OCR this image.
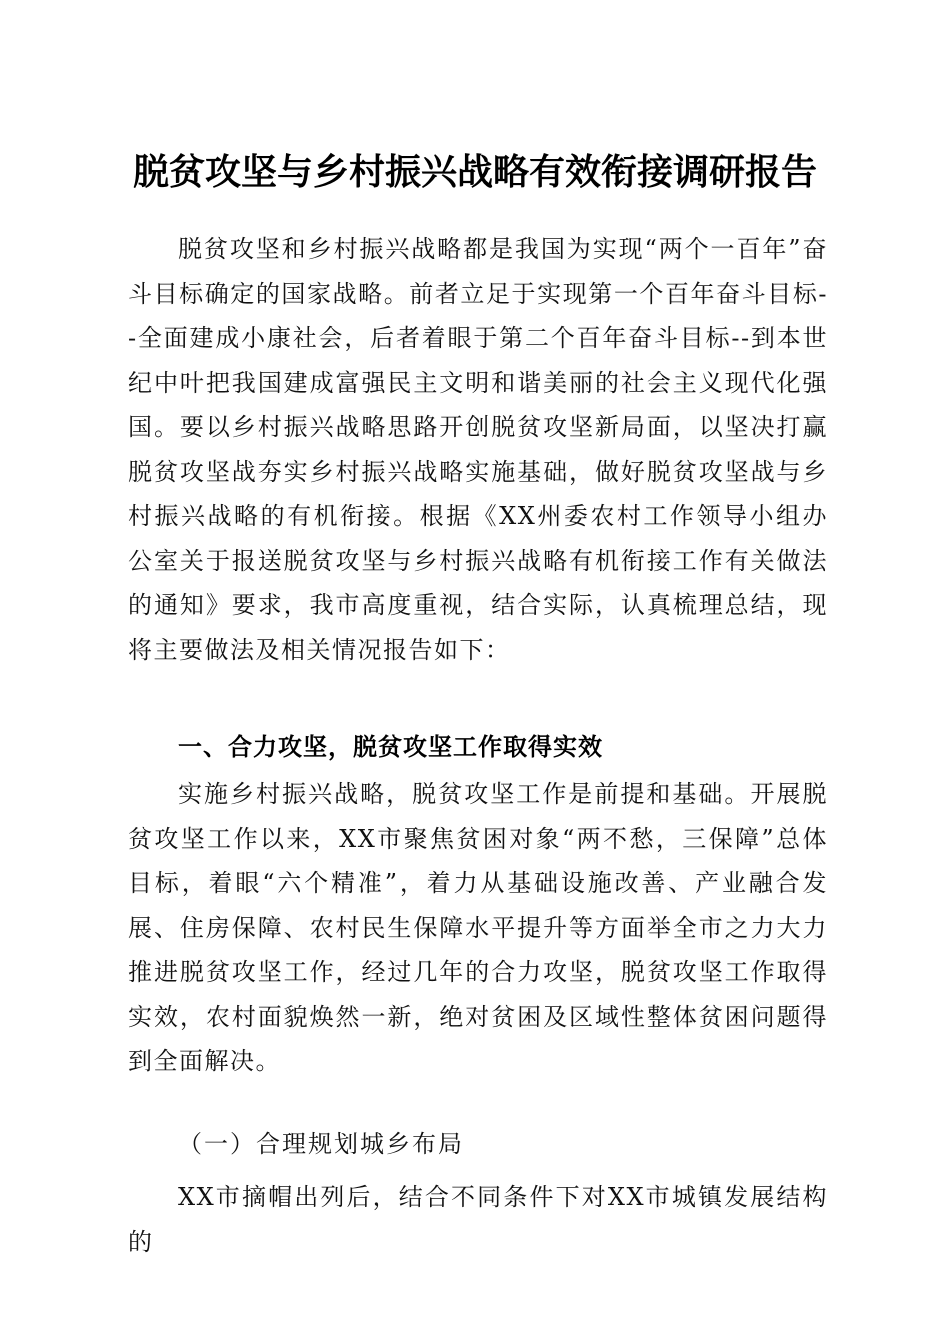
脱贫攻坚与乡村振兴战略有效衔接调研报告
脱贫攻坚和乡村振兴战略都是我国为实现“两个一百年”奋斗目标确定的国家战略。前者立足于实现第一个百年奋斗目标--全面建成小康社会，后者着眼于第二个百年奋斗目标--到本世纪中叶把我国建成富强民主文明和谐美丽的社会主义现代化强国。要以乡村振兴战略思路开创脱贫攻坚新局面，以坚决打赢脱贫攻坚战夯实乡村振兴战略实施基础，做好脱贫攻坚战与乡村振兴战略的有机衔接。根据《XX州委农村工作领导小组办公室关于报送脱贫攻坚与乡村振兴战略有机衔接工作有关做法的通知》要求，我市高度重视，结合实际，认真梳理总结，现将主要做法及相关情况报告如下：
一、合力攻坚，脱贫攻坚工作取得实效
实施乡村振兴战略，脱贫攻坚工作是前提和基础。开展脱贫攻坚工作以来，XX市聚焦贫困对象“两不愁，三保障”总体目标，着眼“六个精准”，着力从基础设施改善、产业融合发展、住房保障、农村民生保障水平提升等方面举全市之力大力推进脱贫攻坚工作，经过几年的合力攻坚，脱贫攻坚工作取得实效，农村面貌焕然一新，绝对贫困及区域性整体贫困问题得到全面解决。
（一）合理规划城乡布局
XX市摘帽出列后，结合不同条件下对XX市城镇发展结构的
